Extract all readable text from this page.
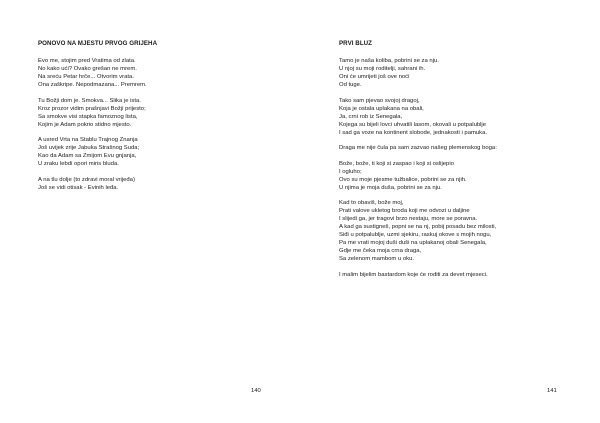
PONOVO NA MJESTU PRVOG GRIJEHA
Evo me, stojim pred Vratima od zlata.
No kako ući? Ovako grešan ne mrem.
Na sreću Petar hrče... Otvorim vrata.
Ona zaškripe. Nepodmazana... Premrem.
Tu Božji dom je. Smokva... Slika je ista.
Kroz prozor vidim prašnjavi Božji prijesto;
Sa smokve visi stapka famoznog lista,
Kojim je Adam pokrio stidno mjesto.
A usred Vrta na Stablu Trajnog Znanja
Još uvijek zrije Jabuka Strašnog Suda;
Kao da Adam sa Zmijom Evu gnjanja,
U zraku lebdi opori miris bluda.
A na tlu dolje (to zdravi moral vrijeđa)
Još se vidi otisak - Evinih leđa.
140
PRVI BLUZ
Tamo je naša koliba, pobrini se za nju.
U njoj su moji roditelji, sahrani ih.
Oni će umrijeti još ove noći
Od tuge.
Tako sam pjevao svojoj dragoj,
Koja je ostala uplakana na obali,
Ja, crni rob iz Senegala,
Kojega su bijeli lovci uhvatili lasom, okovali u potpalublje
I sad ga voze na kontinent slobode, jednakosti i pamuka.
Draga me nije čula pa sam zazvao našeg plemenskog boga:
Bože, bože, ti koji si zaspao i koji si oslijepio
I ogluho;
Ovo su moje pjesme tužbalice, pobrini se za njih.
U njima je moja duša, pobrini se za nju.
Kad to obaviš, bože moj,
Prati valove ukletog broda koji me odvozi u daljine
I slijedi ga, jer tragovi brzo nestaju, more se poravna.
A kad ga sustigneš, popni se na nj, pobij posadu bez milosti,
Siđi u potpalublje, uzmi sjekiru, raskuj okove s mojih nogu,
Pa me vrati mojoj duši duši na uplakanoj obali Senegala,
Gdje me čeka moja crna draga,
Sa zelenom mambom u oku.
I malim bijelim bastardom koje će roditi za devet mjeseci.
141
